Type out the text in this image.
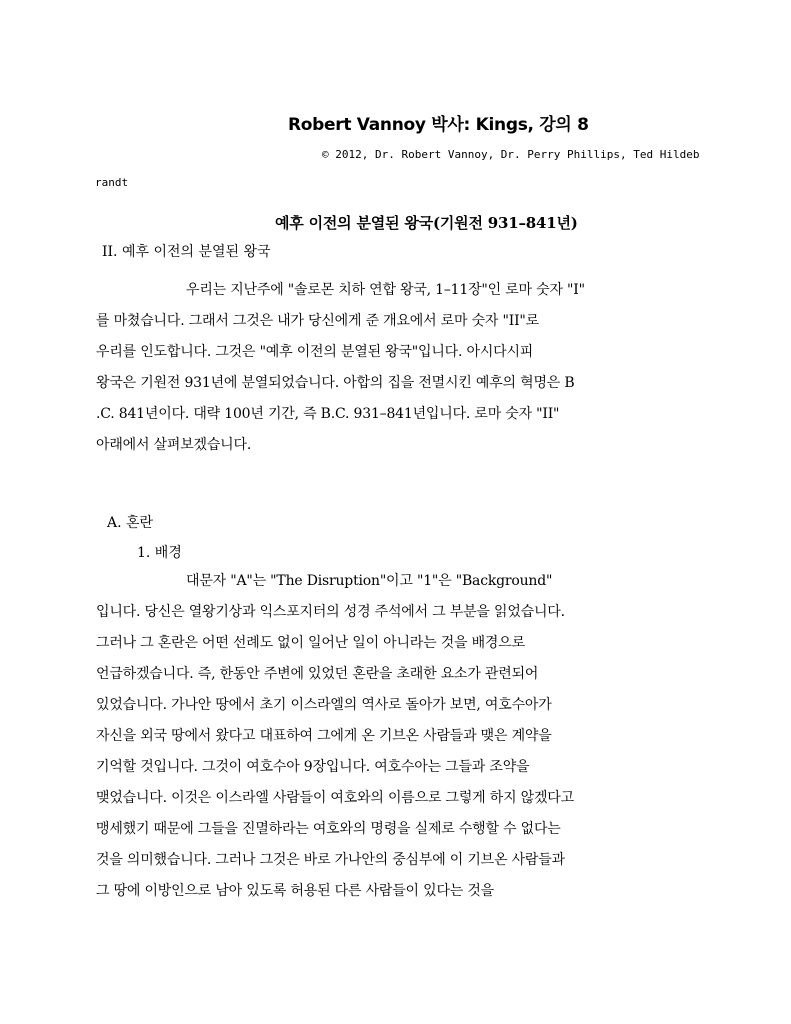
Robert Vannoy 박사: Kings, 강의 8
© 2012, Dr. Robert Vannoy, Dr. Perry Phillips, Ted Hildeb
randt
예후 이전의 분열된 왕국(기원전 931–841년)
II. 예후 이전의 분열된 왕국
우리는 지난주에 "솔로몬 치하 연합 왕국, 1–11장"인 로마 숫자 "I"
를 마쳤습니다. 그래서 그것은 내가 당신에게 준 개요에서 로마 숫자 "II"로
우리를 인도합니다. 그것은 "예후 이전의 분열된 왕국"입니다. 아시다시피
왕국은 기원전 931년에 분열되었습니다. 아합의 집을 전멸시킨 예후의 혁명은 B
.C. 841년이다. 대략 100년 기간, 즉 B.C. 931–841년입니다. 로마 숫자 "II"
아래에서 살펴보겠습니다.
A. 혼란
1. 배경
대문자 "A"는 "The Disruption"이고 "1"은 "Background"
입니다. 당신은 열왕기상과 익스포지터의 성경 주석에서 그 부분을 읽었습니다.
그러나 그 혼란은 어떤 선례도 없이 일어난 일이 아니라는 것을 배경으로
언급하겠습니다. 즉, 한동안 주변에 있었던 혼란을 초래한 요소가 관련되어
있었습니다. 가나안 땅에서 초기 이스라엘의 역사로 돌아가 보면, 여호수아가
자신을 외국 땅에서 왔다고 대표하여 그에게 온 기브온 사람들과 맺은 계약을
기억할 것입니다. 그것이 여호수아 9장입니다. 여호수아는 그들과 조약을
맺었습니다. 이것은 이스라엘 사람들이 여호와의 이름으로 그렇게 하지 않겠다고
맹세했기 때문에 그들을 진멸하라는 여호와의 명령을 실제로 수행할 수 없다는
것을 의미했습니다. 그러나 그것은 바로 가나안의 중심부에 이 기브온 사람들과
그 땅에 이방인으로 남아 있도록 허용된 다른 사람들이 있다는 것을
